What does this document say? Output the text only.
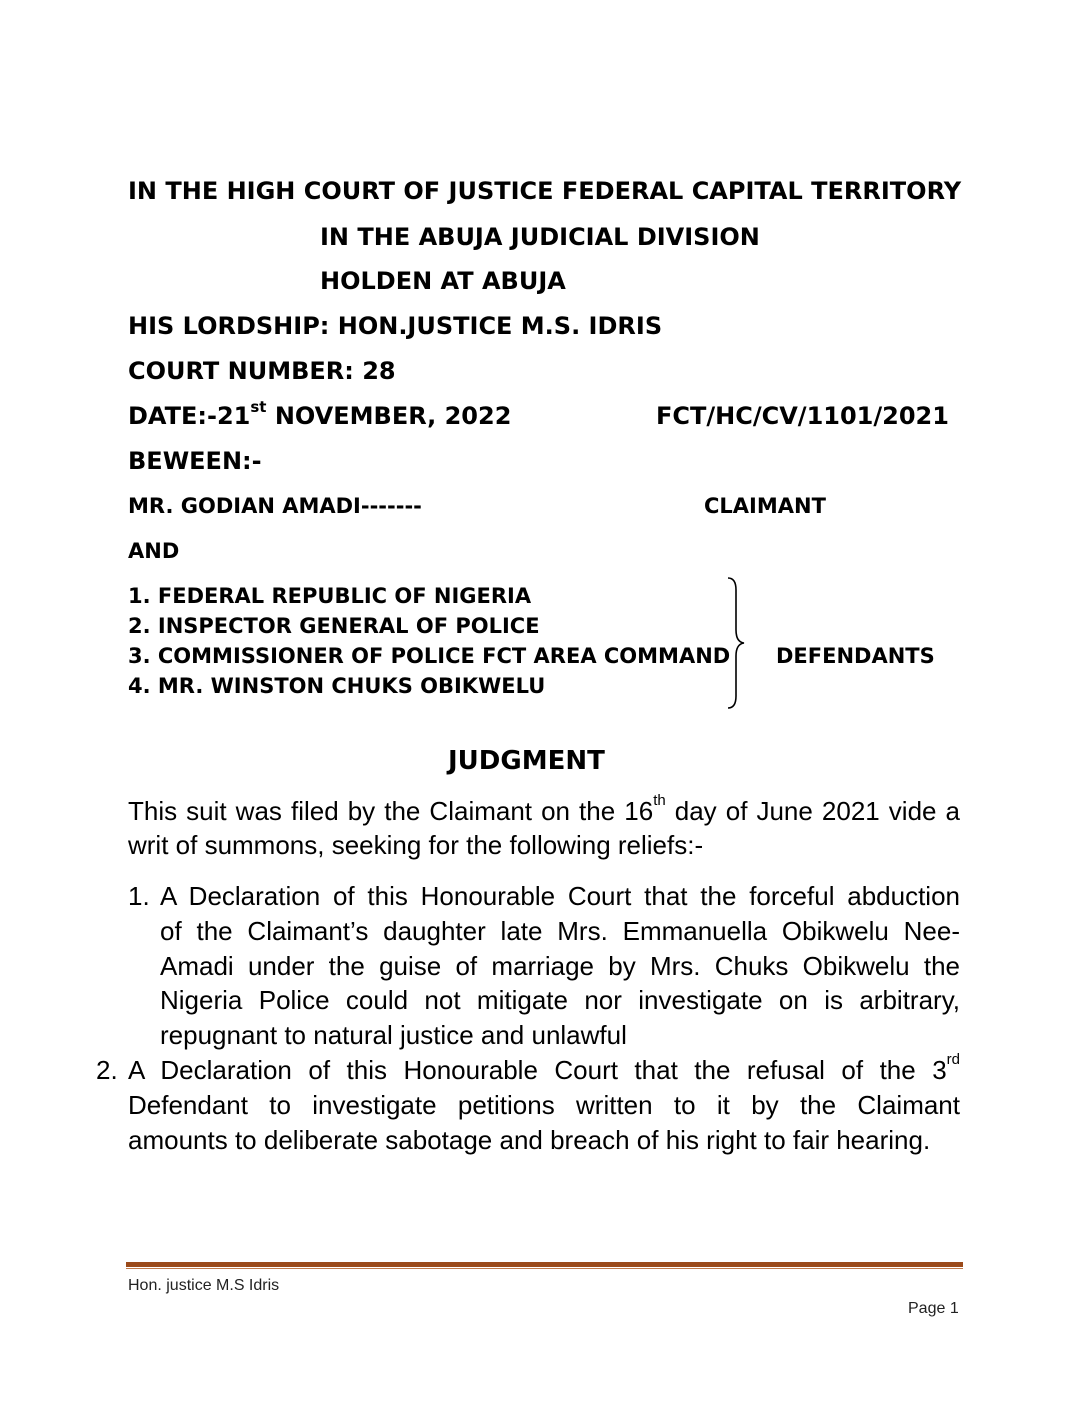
IN THE HIGH COURT OF JUSTICE FEDERAL CAPITAL TERRITORY
IN THE ABUJA JUDICIAL DIVISION
HOLDEN AT ABUJA
HIS LORDSHIP: HON.JUSTICE M.S. IDRIS
COURT NUMBER: 28
DATE:-21st NOVEMBER, 2022	FCT/HC/CV/1101/2021
BEWEEN:-
MR. GODIAN AMADI-------	CLAIMANT
AND
1. FEDERAL REPUBLIC OF NIGERIA
2. INSPECTOR GENERAL OF POLICE
3. COMMISSIONER OF POLICE FCT AREA COMMAND
4. MR. WINSTON CHUKS OBIKWELU
DEFENDANTS
JUDGMENT
This suit was filed by the Claimant on the 16th day of June 2021 vide a
writ of summons, seeking for the following reliefs:-
1. A Declaration of this Honourable Court that the forceful abduction
of the Claimant’s daughter late Mrs. Emmanuella Obikwelu Nee-
Amadi under the guise of marriage by Mrs. Chuks Obikwelu the
Nigeria Police could not mitigate nor investigate on is arbitrary,
repugnant to natural justice and unlawful
2. A Declaration of this Honourable Court that the refusal of the 3rd
Defendant to investigate petitions written to it by the Claimant
amounts to deliberate sabotage and breach of his right to fair hearing.
Hon. justice M.S Idris
Page 1
